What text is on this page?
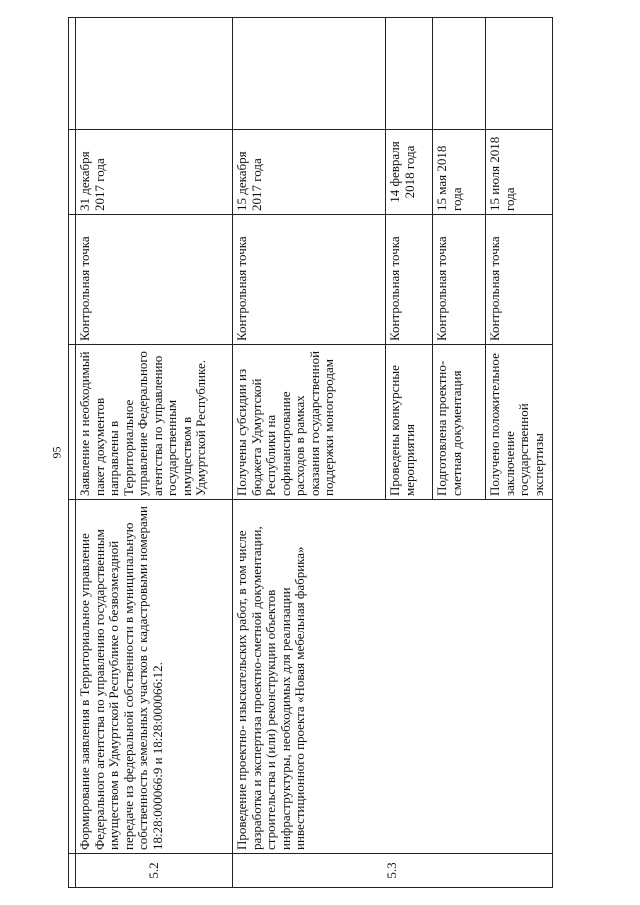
95

5.2	Формирование заявления в Территориальное управление Федерального агентства по управлению государственным имуществом в Удмуртской Республике о безвозмездной передаче из федеральной собственности в муниципальную собственность земельных участков с кадастровыми номерами 18:28:000066:9 и 18:28:000066:12.	Заявление и необходимый пакет документов направлены в Территориальное управление Федерального агентства по управлению государственным имуществом в Удмуртской Республике.	Контрольная точка	31 декабря 2017 года	
5.3	Проведение проектно- изыскательских работ, в том числе разработка и экспертиза проектно-сметной документации, строительства и (или) реконструкции объектов инфраструктуры, необходимых для реализации инвестиционного проекта «Новая мебельная фабрика»	Получены субсидии из бюджета Удмуртской Республики на софинансирование расходов в рамках оказания государственной поддержки моногородам	Контрольная точка	15 декабря 2017 года	
		Проведены конкурсные мероприятия	Контрольная точка	14 февраля 2018 года	
		Подготовлена проектно-сметная документация	Контрольная точка	15 мая 2018 года	
		Получено положительное заключение государственной экспертизы	Контрольная точка	15 июля 2018 года	
